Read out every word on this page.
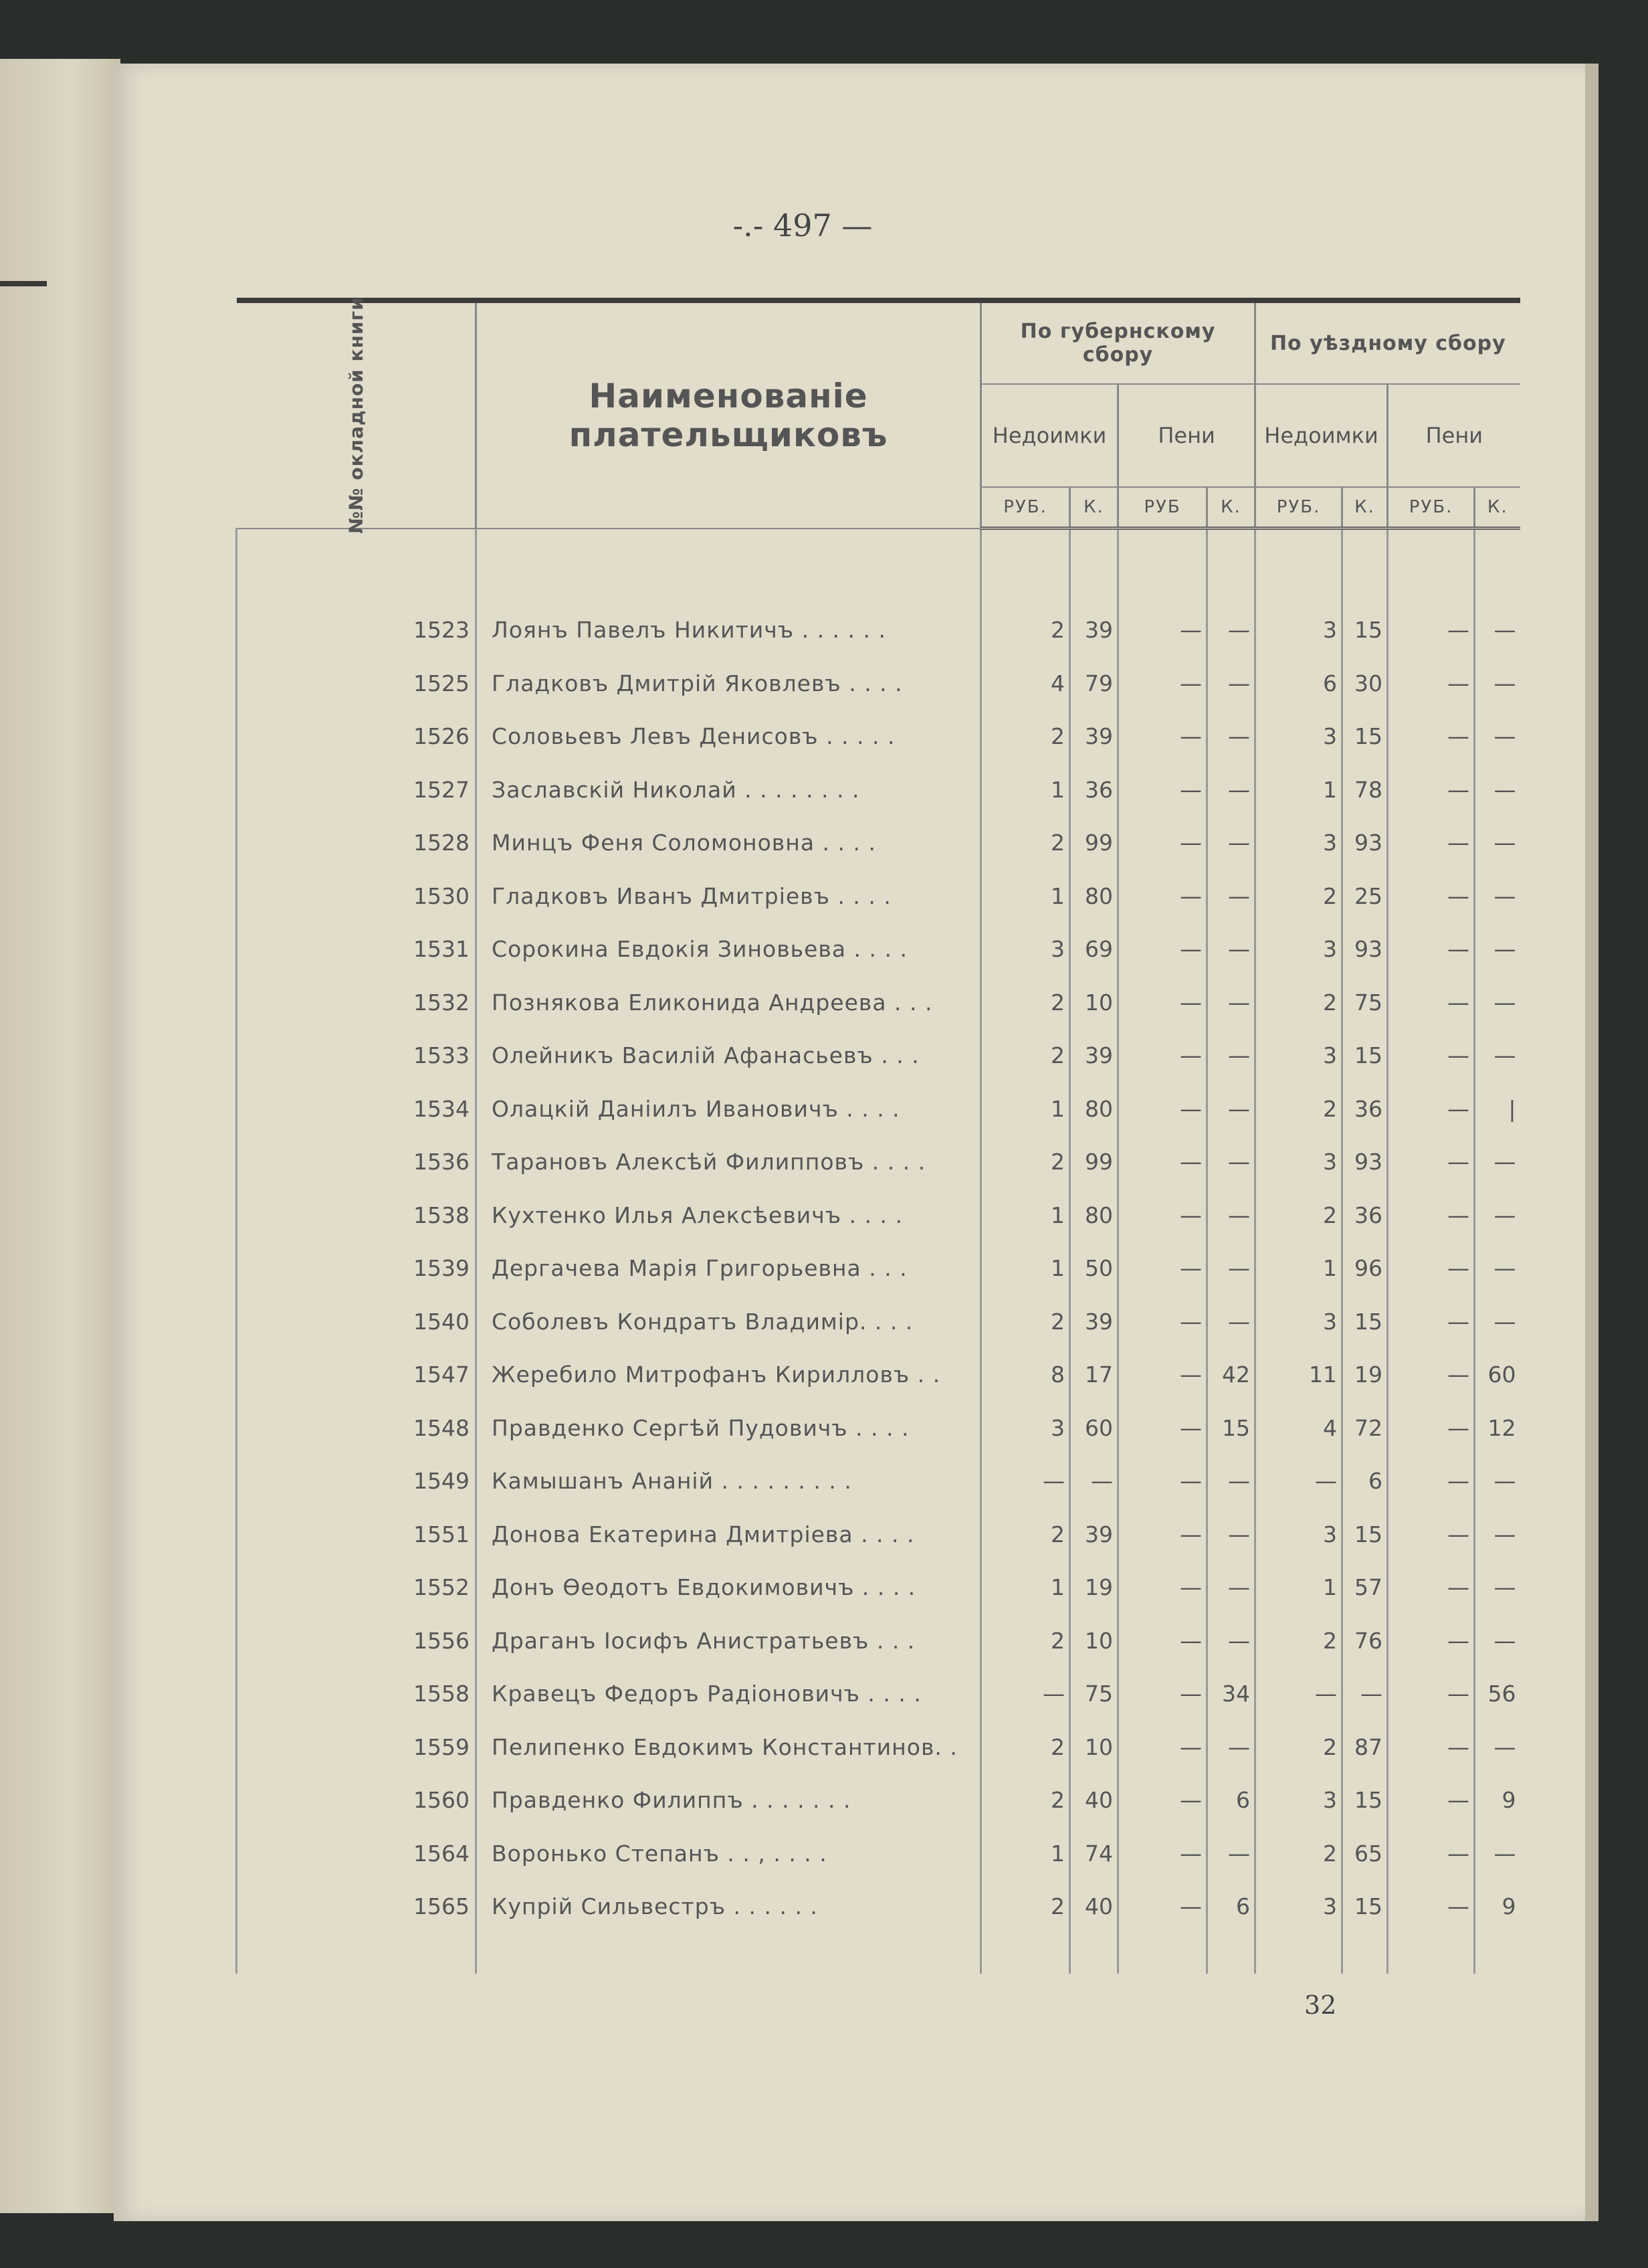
-.- 497 —
№№ окладной книги	Наименованіе плательщиковъ	По губернскому сбору				По уѣздному сбору			
		Недоимки		Пени		Недоимки		Пени	
		РУБ.	К.	РУБ	К.	РУБ.	К.	РУБ.	К.

1523	Лоянъ Павелъ Никитичъ . . . . . .	2	39	—	—	3	15	—	—
1525	Гладковъ Дмитрій Яковлевъ . . . .	4	79	—	—	6	30	—	—
1526	Соловьевъ Левъ Денисовъ . . . . .	2	39	—	—	3	15	—	—
1527	Заславскій Николай . . . . . . . .	1	36	—	—	1	78	—	—
1528	Минцъ Феня Соломоновна . . . .	2	99	—	—	3	93	—	—
1530	Гладковъ Иванъ Дмитріевъ . . . .	1	80	—	—	2	25	—	—
1531	Сорокина Евдокія Зиновьева . . . .	3	69	—	—	3	93	—	—
1532	Познякова Еликонида Андреева . . .	2	10	—	—	2	75	—	—
1533	Олейникъ Василій Афанасьевъ . . .	2	39	—	—	3	15	—	—
1534	Олацкій Даніилъ Ивановичъ . . . .	1	80	—	—	2	36	—	|
1536	Тарановъ Алексѣй Филипповъ . . . .	2	99	—	—	3	93	—	—
1538	Кухтенко Илья Алексѣевичъ . . . .	1	80	—	—	2	36	—	—
1539	Дергачева Марія Григорьевна . . .	1	50	—	—	1	96	—	—
1540	Соболевъ Кондратъ Владимір. . . .	2	39	—	—	3	15	—	—
1547	Жеребило Митрофанъ Кирилловъ . .	8	17	—	42	11	19	—	60
1548	Правденко Сергѣй Пудовичъ . . . .	3	60	—	15	4	72	—	12
1549	Камышанъ Ананій . . . . . . . . .	—	—	—	—	—	6	—	—
1551	Донова Екатерина Дмитріева . . . .	2	39	—	—	3	15	—	—
1552	Донъ Ѳеодотъ Евдокимовичъ . . . .	1	19	—	—	1	57	—	—
1556	Драганъ Іосифъ Анистратьевъ . . .	2	10	—	—	2	76	—	—
1558	Кравецъ Федоръ Радіоновичъ . . . .	—	75	—	34	—	—	—	56
1559	Пелипенко Евдокимъ Константинов. .	2	10	—	—	2	87	—	—
1560	Правденко Филиппъ . . . . . . .	2	40	—	6	3	15	—	9
1564	Воронько Степанъ . . , . . . .	1	74	—	—	2	65	—	—
1565	Купрій Сильвестръ . . . . . .	2	40	—	6	3	15	—	9

32
